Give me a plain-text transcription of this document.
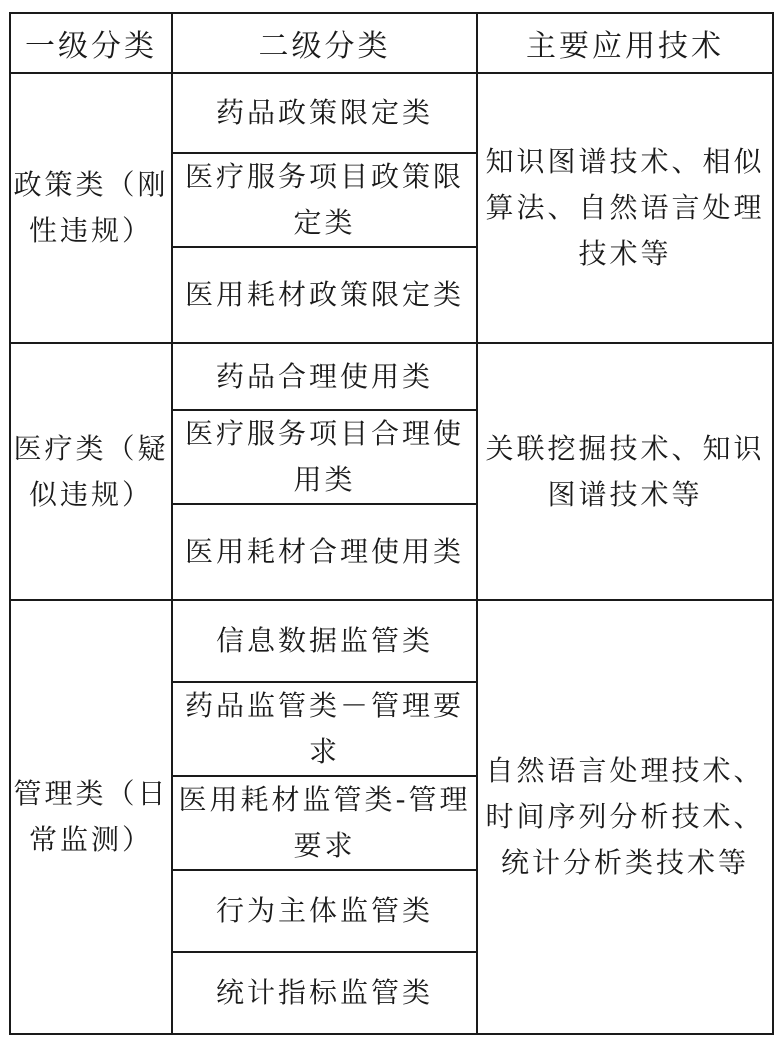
一级分类	二级分类	主要应用技术
政策类（刚性违规）	药品政策限定类	知识图谱技术、相似算法、自然语言处理技术等
	医疗服务项目政策限定类	
	医用耗材政策限定类	
医疗类（疑似违规）	药品合理使用类	关联挖掘技术、知识图谱技术等
	医疗服务项目合理使用类	
	医用耗材合理使用类	
管理类（日常监测）	信息数据监管类	自然语言处理技术、时间序列分析技术、统计分析类技术等
	药品监管类－管理要求	
	医用耗材监管类-管理要求	
	行为主体监管类	
	统计指标监管类	
